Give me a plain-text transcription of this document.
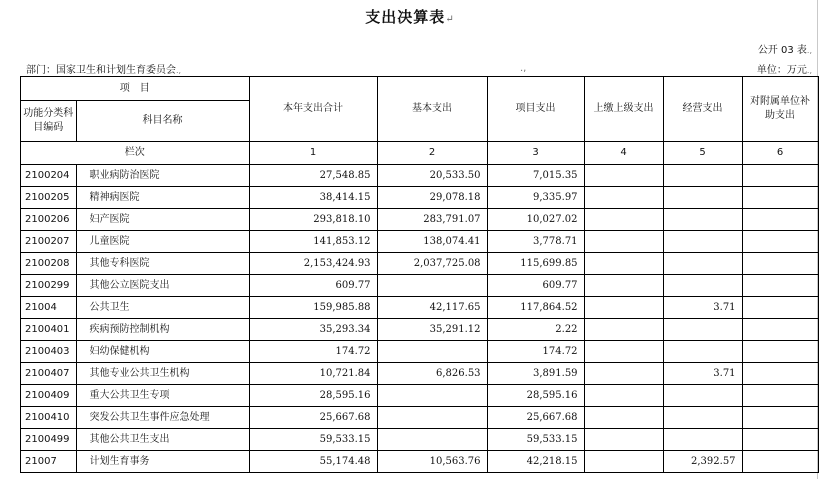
支出决算表↵
公开 03 表.,
部门：国家卫生和计划生育委员会.,	.,	单位：万元.,
项　目		本年支出合计	基本支出	项目支出	上缴上级支出	经营支出	对附属单位补助支出
功能分类科目编码	科目名称						
栏次		1	2	3	4	5	6
2100204	职业病防治医院	27,548.85	20,533.50	7,015.35			
2100205	精神病医院	38,414.15	29,078.18	9,335.97			
2100206	妇产医院	293,818.10	283,791.07	10,027.02			
2100207	儿童医院	141,853.12	138,074.41	3,778.71			
2100208	其他专科医院	2,153,424.93	2,037,725.08	115,699.85			
2100299	其他公立医院支出	609.77		609.77			
21004	公共卫生	159,985.88	42,117.65	117,864.52		3.71	
2100401	疾病预防控制机构	35,293.34	35,291.12	2.22			
2100403	妇幼保健机构	174.72		174.72			
2100407	其他专业公共卫生机构	10,721.84	6,826.53	3,891.59		3.71	
2100409	重大公共卫生专项	28,595.16		28,595.16			
2100410	突发公共卫生事件应急处理	25,667.68		25,667.68			
2100499	其他公共卫生支出	59,533.15		59,533.15			
21007	计划生育事务	55,174.48	10,563.76	42,218.15		2,392.57	
